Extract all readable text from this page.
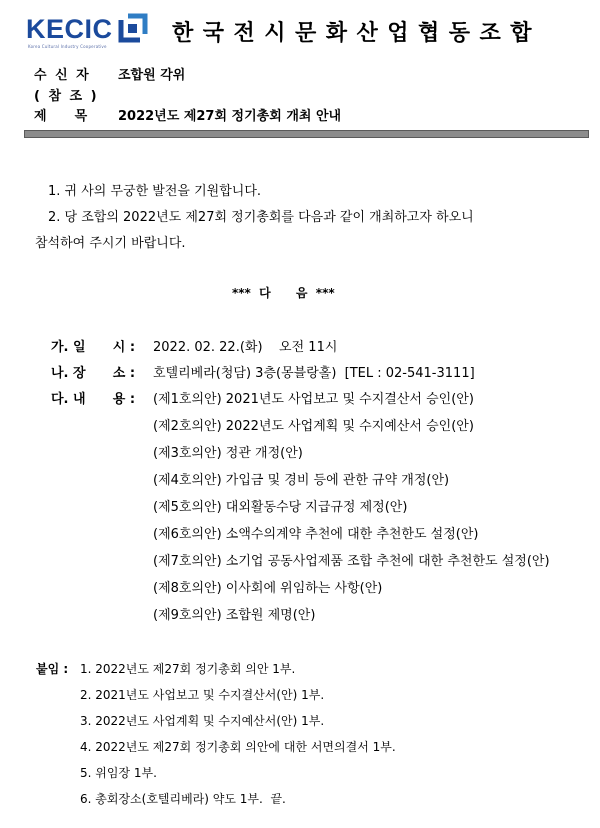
KECIC
Korea Cultural Industry Cooperative
한국전시문화산업협동조합
수 신 자 조합원 각위
( 참 조 )
제    목 2022년도 제27회 정기총회 개최 안내
1. 귀 사의 무궁한 발전을 기원합니다.
2. 당 조합의 2022년도 제27회 정기총회를 다음과 같이 개최하고자 하오니
참석하여 주시기 바랍니다.
***  다      음  ***
가. 일      시 : 2022. 02. 22.(화)    오전 11시
나. 장      소 : 호텔리베라(청담) 3층(몽블랑홀)  [TEL : 02-541-3111]
다. 내      용 : (제1호의안) 2021년도 사업보고 및 수지결산서 승인(안)
(제2호의안) 2022년도 사업계획 및 수지예산서 승인(안)
(제3호의안) 정관 개정(안)
(제4호의안) 가입금 및 경비 등에 관한 규약 개정(안)
(제5호의안) 대외활동수당 지급규정 제정(안)
(제6호의안) 소액수의계약 추천에 대한 추천한도 설정(안)
(제7호의안) 소기업 공동사업제품 조합 추천에 대한 추천한도 설정(안)
(제8호의안) 이사회에 위임하는 사항(안)
(제9호의안) 조합원 제명(안)
붙임 : 1. 2022년도 제27회 정기총회 의안 1부.
2. 2021년도 사업보고 및 수지결산서(안) 1부.
3. 2022년도 사업계획 및 수지예산서(안) 1부.
4. 2022년도 제27회 정기총회 의안에 대한 서면의결서 1부.
5. 위임장 1부.
6. 총회장소(호텔리베라) 약도 1부.  끝.
